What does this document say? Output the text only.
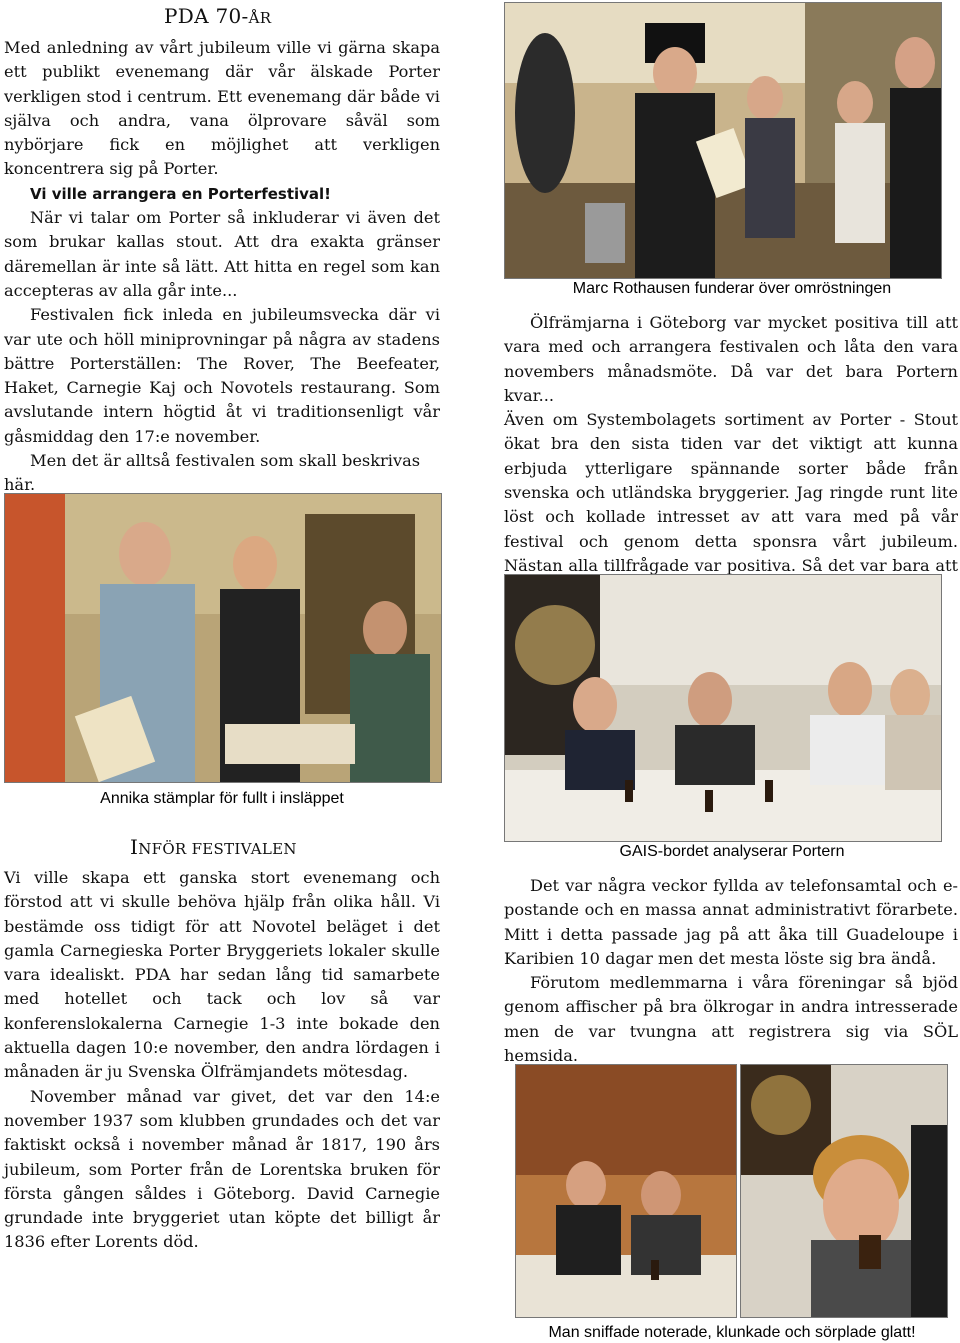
PDA 70-ÅR

Med anledning av vårt jubileum ville vi gärna skapa ett publikt evenemang där vår älskade Porter verkligen stod i centrum. Ett evenemang där både vi själva och andra, vana ölprovare såväl som nybörjare fick en möjlighet att verkligen koncentrera sig på Porter.

Vi ville arrangera en Porterfestival!

När vi talar om Porter så inkluderar vi även det som brukar kallas stout. Att dra exakta gränser däremellan är inte så lätt. Att hitta en regel som kan accepteras av alla går inte...

Festivalen fick inleda en jubileumsvecka där vi var ute och höll miniprovningar på några av stadens bättre Porterställen: The Rover, The Beefeater, Haket, Carnegie Kaj och Novotels restaurang. Som avslutande intern högtid åt vi traditionsenligt vår gåsmiddag den 17:e november.

Men det är alltså festivalen som skall beskrivas här.

Marc Rothausen funderar över omröstningen

Ölfrämjarna i Göteborg var mycket positiva till att vara med och arrangera festivalen och låta den vara novembers månadsmöte. Då var det bara Portern kvar...

Även om Systembolagets sortiment av Porter - Stout ökat bra den sista tiden var det viktigt att kunna erbjuda ytterligare spännande sorter både från svenska och utländska bryggerier. Jag ringde runt lite löst och kollade intresset av att vara med på vår festival och genom detta sponsra vårt jubileum. Nästan alla tillfrågade var positiva. Så det var bara att

Annika stämplar för fullt i insläppet
GAIS-bordet analyserar Portern
INFÖR FESTIVALEN

Vi ville skapa ett ganska stort evenemang och förstod att vi skulle behöva hjälp från olika håll. Vi bestämde oss tidigt för att Novotel beläget i det gamla Carnegieska Porter Bryggeriets lokaler skulle vara idealiskt. PDA har sedan lång tid samarbete med hotellet och tack och lov så var konferenslokalerna Carnegie 1-3 inte bokade den aktuella dagen 10:e november, den andra lördagen i månaden är ju Svenska Ölfrämjandets mötesdag.

November månad var givet, det var den 14:e november 1937 som klubben grundades och det var faktiskt också i november månad år 1817, 190 års jubileum, som Porter från de Lorentska bruken för första gången såldes i Göteborg. David Carnegie grundade inte bryggeriet utan köpte det billigt år 1836 efter Lorents död.

Det var några veckor fyllda av telefonsamtal och e-postande och en massa annat administrativt förarbete. Mitt i detta passade jag på att åka till Guadeloupe i Karibien 10 dagar men det mesta löste sig bra ändå.

Förutom medlemmarna i våra föreningar så bjöd genom affischer på bra ölkrogar in andra intresserade men de var tvungna att registrera sig via SÖL hemsida.

Man sniffade noterade, klunkade och sörplade glatt!
